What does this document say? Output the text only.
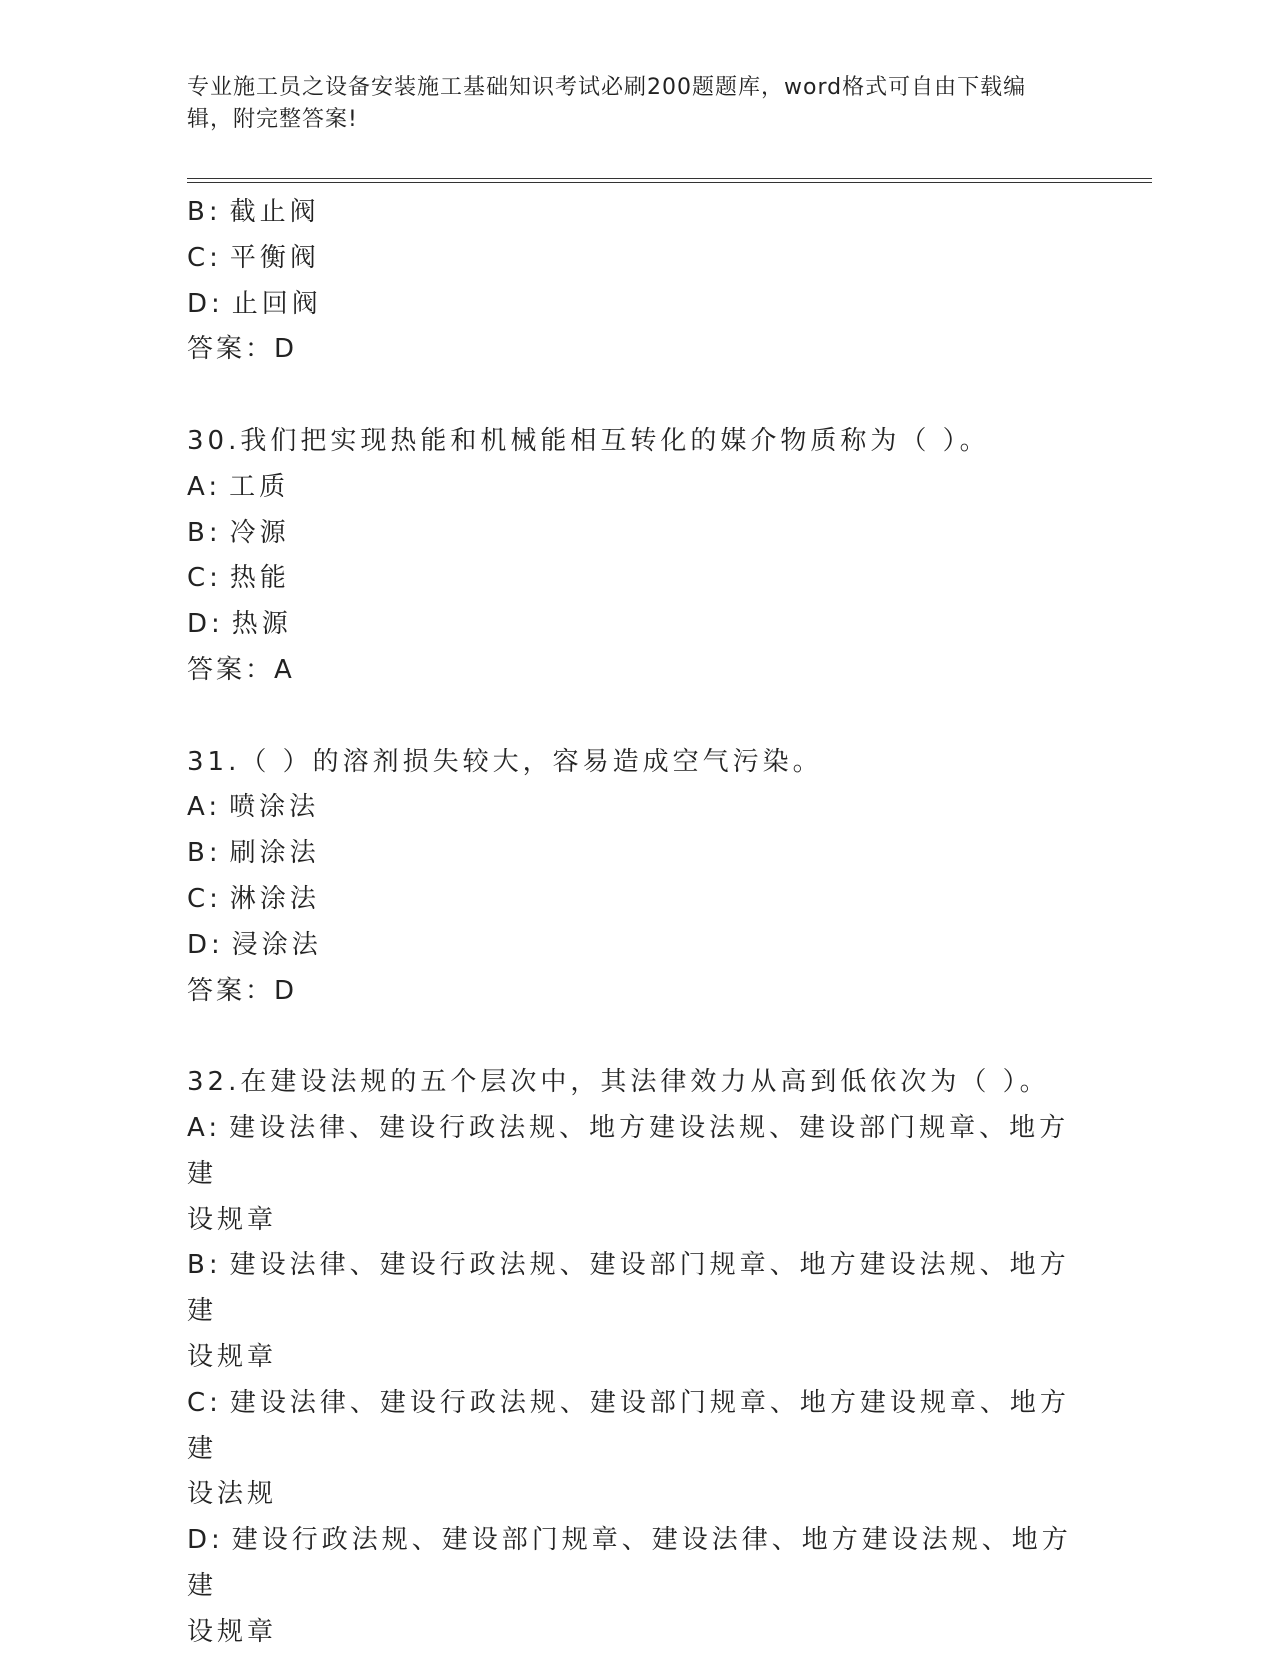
专业施工员之设备安装施工基础知识考试必刷200题题库，word格式可自由下载编辑，附完整答案!

B: 截止阀

C: 平衡阀

D: 止回阀

答案：D

30.我们把实现热能和机械能相互转化的媒介物质称为（ ）。

A: 工质

B: 冷源

C: 热能

D: 热源

答案：A

31.（ ）的溶剂损失较大，容易造成空气污染。

A: 喷涂法

B: 刷涂法

C: 淋涂法

D: 浸涂法

答案：D

32.在建设法规的五个层次中，其法律效力从高到低依次为（ ）。

A: 建设法律、建设行政法规、地方建设法规、建设部门规章、地方建
设规章

B: 建设法律、建设行政法规、建设部门规章、地方建设法规、地方建
设规章

C: 建设法律、建设行政法规、建设部门规章、地方建设规章、地方建
设法规

D: 建设行政法规、建设部门规章、建设法律、地方建设法规、地方建
设规章
